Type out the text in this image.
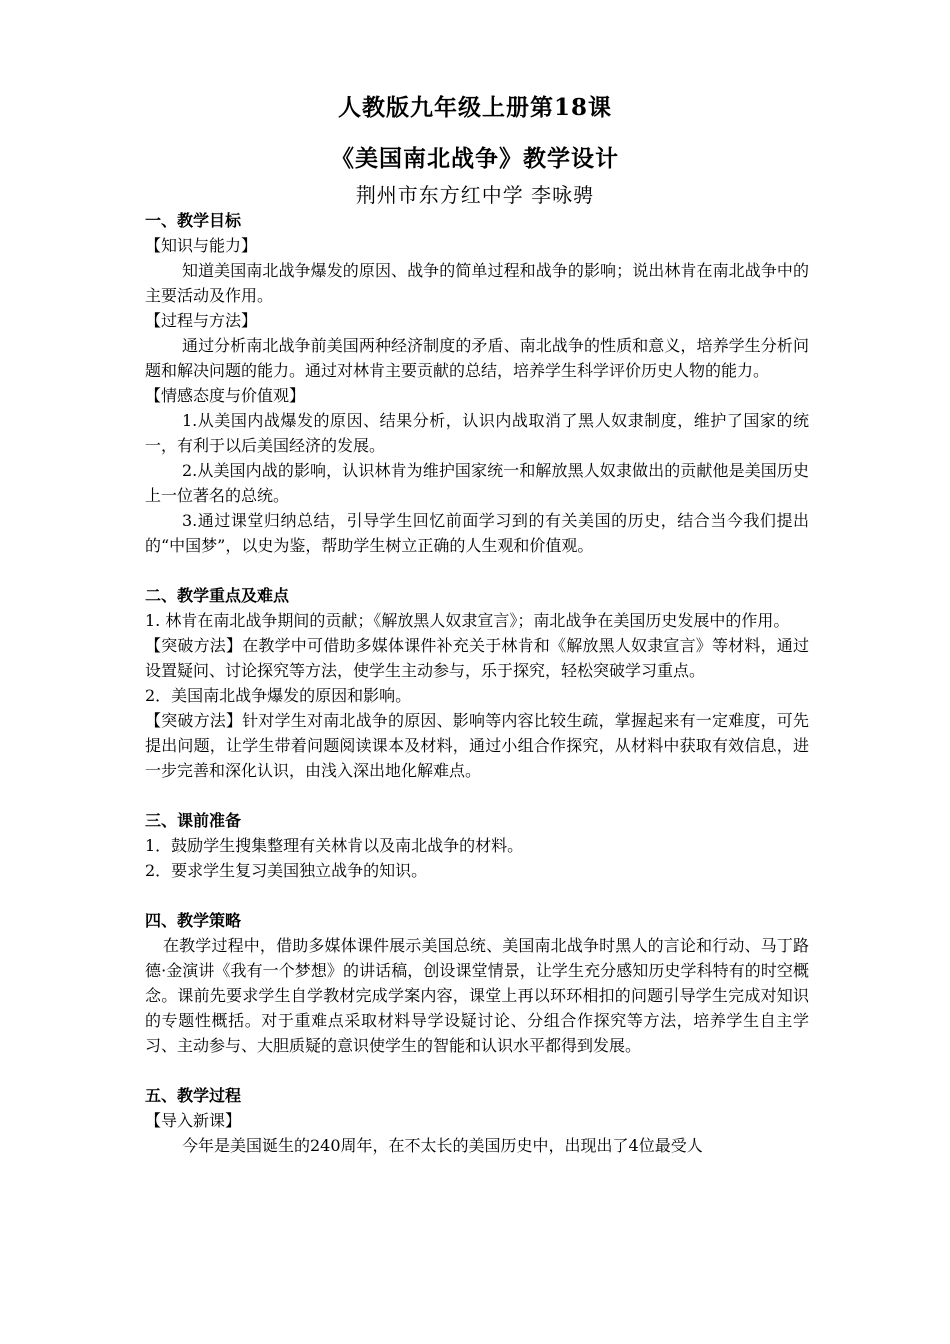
人教版九年级上册第18课
《美国南北战争》教学设计
荆州市东方红中学 李咏骋

一、教学目标

【知识与能力】

知道美国南北战争爆发的原因、战争的简单过程和战争的影响；说出林肯在南北战争中的主要活动及作用。

【过程与方法】

通过分析南北战争前美国两种经济制度的矛盾、南北战争的性质和意义，培养学生分析问题和解决问题的能力。通过对林肯主要贡献的总结，培养学生科学评价历史人物的能力。

【情感态度与价值观】

1.从美国内战爆发的原因、结果分析，认识内战取消了黑人奴隶制度，维护了国家的统一，有利于以后美国经济的发展。

2.从美国内战的影响，认识林肯为维护国家统一和解放黑人奴隶做出的贡献他是美国历史上一位著名的总统。

3.通过课堂归纳总结，引导学生回忆前面学习到的有关美国的历史，结合当今我们提出的“中国梦”，以史为鉴，帮助学生树立正确的人生观和价值观。

二、教学重点及难点

1. 林肯在南北战争期间的贡献；《解放黑人奴隶宣言》；南北战争在美国历史发展中的作用。

【突破方法】在教学中可借助多媒体课件补充关于林肯和《解放黑人奴隶宣言》等材料，通过设置疑问、讨论探究等方法，使学生主动参与，乐于探究，轻松突破学习重点。

2．美国南北战争爆发的原因和影响。

【突破方法】针对学生对南北战争的原因、影响等内容比较生疏，掌握起来有一定难度，可先提出问题，让学生带着问题阅读课本及材料，通过小组合作探究，从材料中获取有效信息，进一步完善和深化认识，由浅入深出地化解难点。

三、课前准备

1．鼓励学生搜集整理有关林肯以及南北战争的材料。

2．要求学生复习美国独立战争的知识。

四、教学策略

在教学过程中，借助多媒体课件展示美国总统、美国南北战争时黑人的言论和行动、马丁路德·金演讲《我有一个梦想》的讲话稿，创设课堂情景，让学生充分感知历史学科特有的时空概念。课前先要求学生自学教材完成学案内容，课堂上再以环环相扣的问题引导学生完成对知识的专题性概括。对于重难点采取材料导学设疑讨论、分组合作探究等方法，培养学生自主学习、主动参与、大胆质疑的意识使学生的智能和认识水平都得到发展。

五、教学过程

【导入新课】

今年是美国诞生的240周年，在不太长的美国历史中，出现出了4位最受人
